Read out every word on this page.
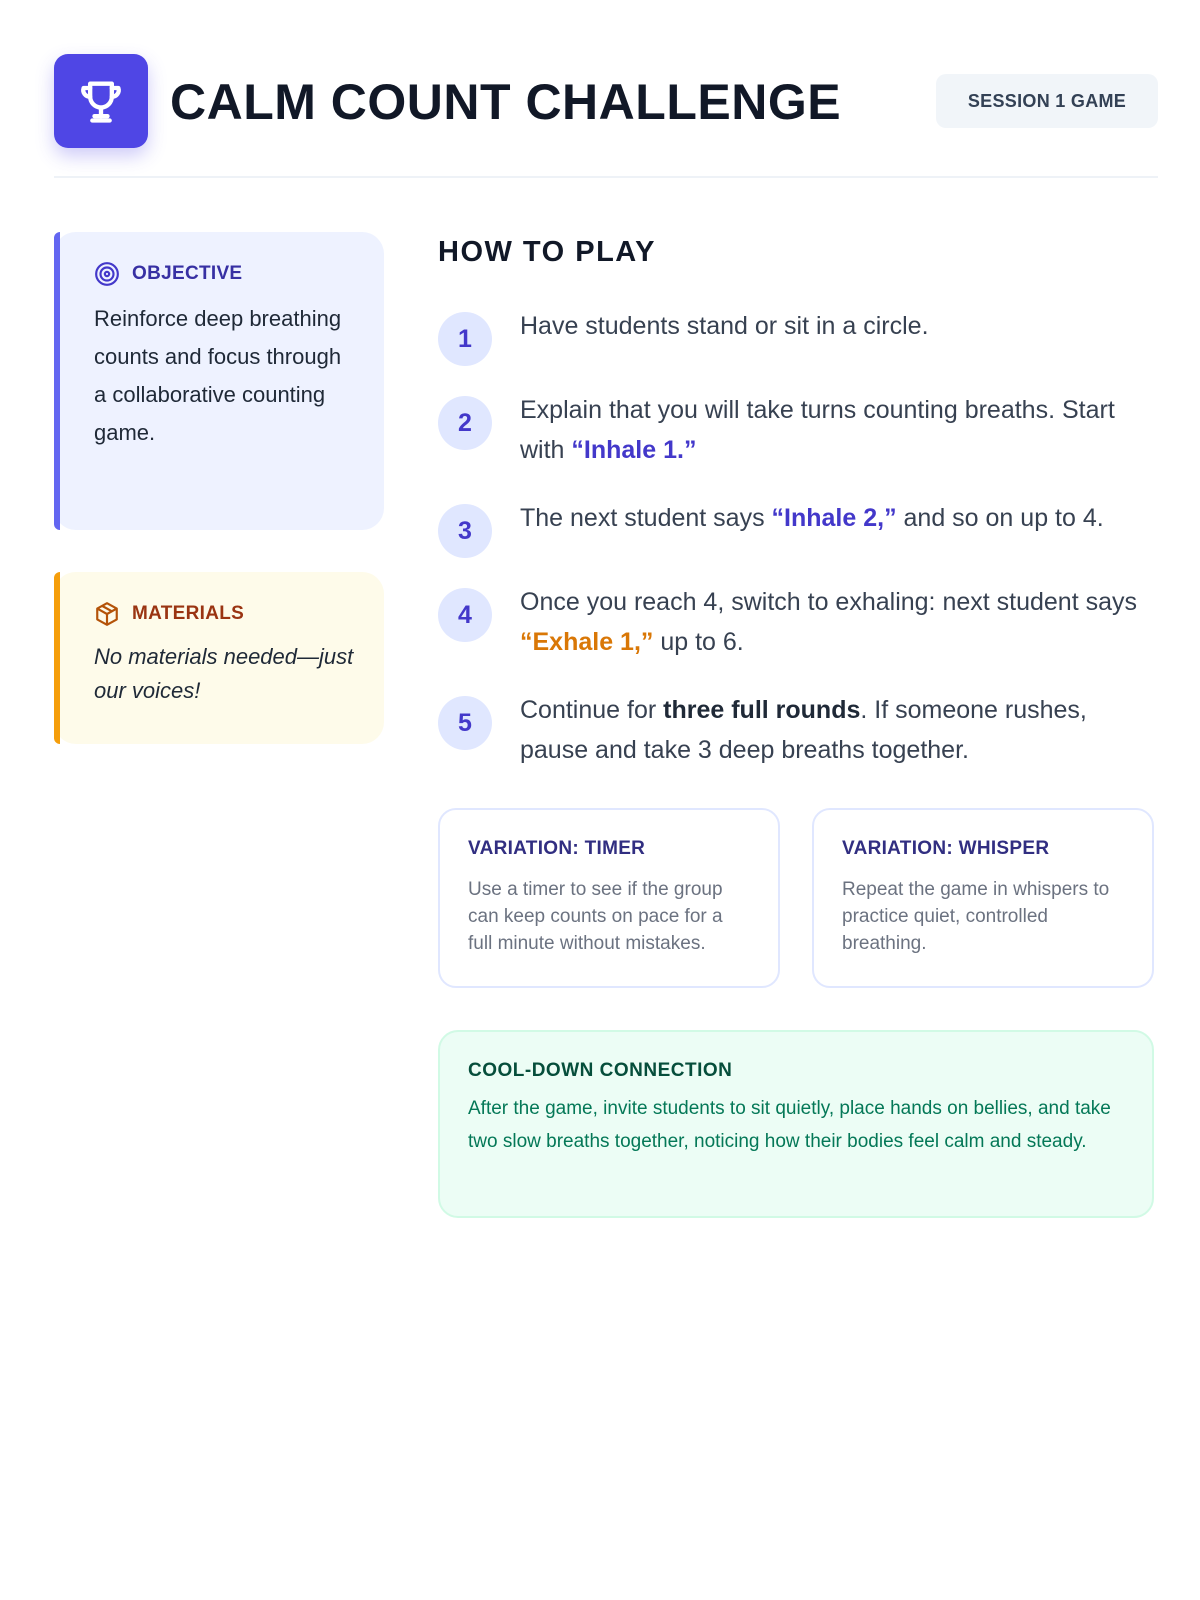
CALM COUNT CHALLENGE	SESSION 1 GAME
OBJECTIVE

Reinforce deep breathing counts and focus through a collaborative counting game.

MATERIALS

No materials needed—just our voices!

HOW TO PLAY
1	Have students stand or sit in a circle.
2	Explain that you will take turns counting breaths. Start with “Inhale 1.”
3	The next student says “Inhale 2,” and so on up to 4.
4	Once you reach 4, switch to exhaling: next student says “Exhale 1,” up to 6.
5	Continue for three full rounds. If someone rushes, pause and take 3 deep breaths together.
VARIATION: TIMER

Use a timer to see if the group can keep counts on pace for a full minute without mistakes.

VARIATION: WHISPER

Repeat the game in whispers to practice quiet, controlled breathing.

COOL-DOWN CONNECTION

After the game, invite students to sit quietly, place hands on bellies, and take two slow breaths together, noticing how their bodies feel calm and steady.
